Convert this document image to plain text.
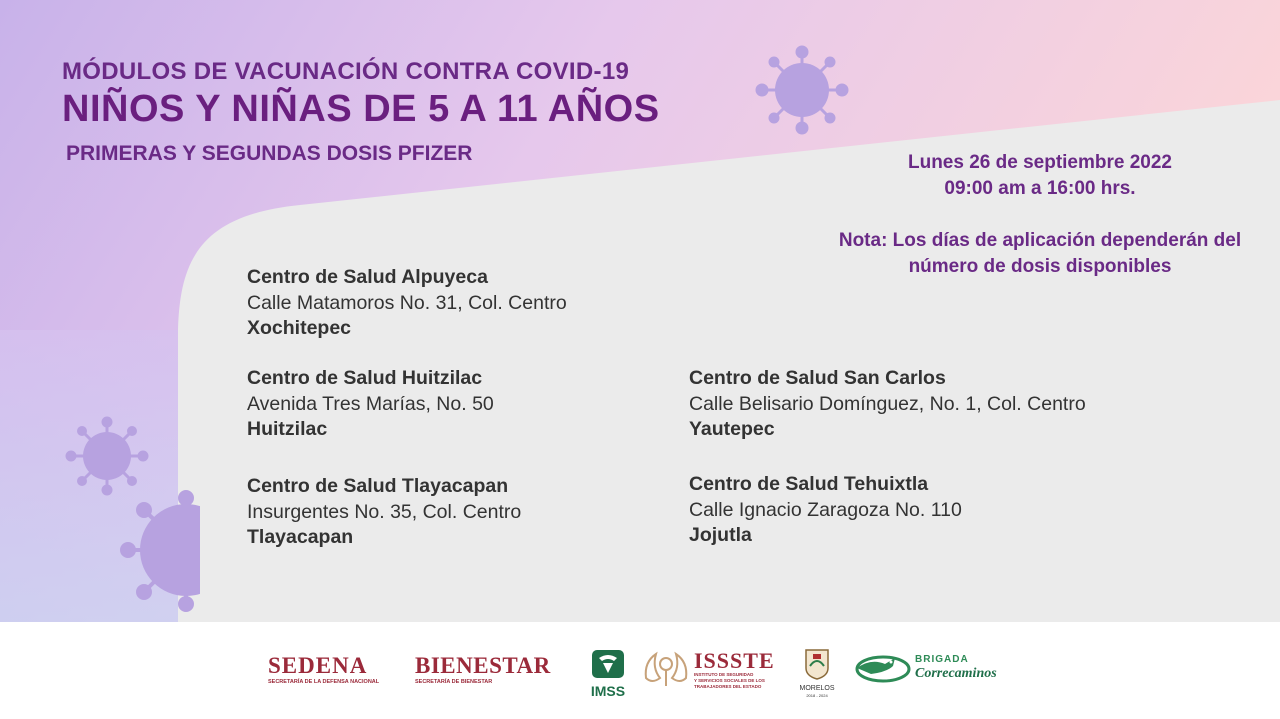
MÓDULOS DE VACUNACIÓN CONTRA COVID-19
NIÑOS Y NIÑAS DE 5 A 11 AÑOS
PRIMERAS Y SEGUNDAS DOSIS PFIZER	Lunes 26 de septiembre 2022
09:00 am a 16:00 hrs.
Nota: Los días de aplicación dependerán del
número de dosis disponibles
Centro de Salud Alpuyeca
Calle Matamoros No. 31, Col. Centro
Xochitepec
Centro de Salud Huitzilac
Avenida Tres Marías, No. 50
Huitzilac
Centro de Salud Tlayacapan
Insurgentes No. 35, Col. Centro
Tlayacapan
Centro de Salud San Carlos
Calle Belisario Domínguez, No. 1, Col. Centro
Yautepec
Centro de Salud Tehuixtla
Calle Ignacio Zaragoza No. 110
Jojutla
SEDENA
SECRETARÍA DE LA DEFENSA NACIONAL
BIENESTAR
SECRETARÍA DE BIENESTAR
IMSS
ISSSTE
INSTITUTO DE SEGURIDAD
Y SERVICIOS SOCIALES DE LOS
TRABAJADORES DEL ESTADO	MORELOS
2018 - 2024
BRIGADA
Correcaminos
